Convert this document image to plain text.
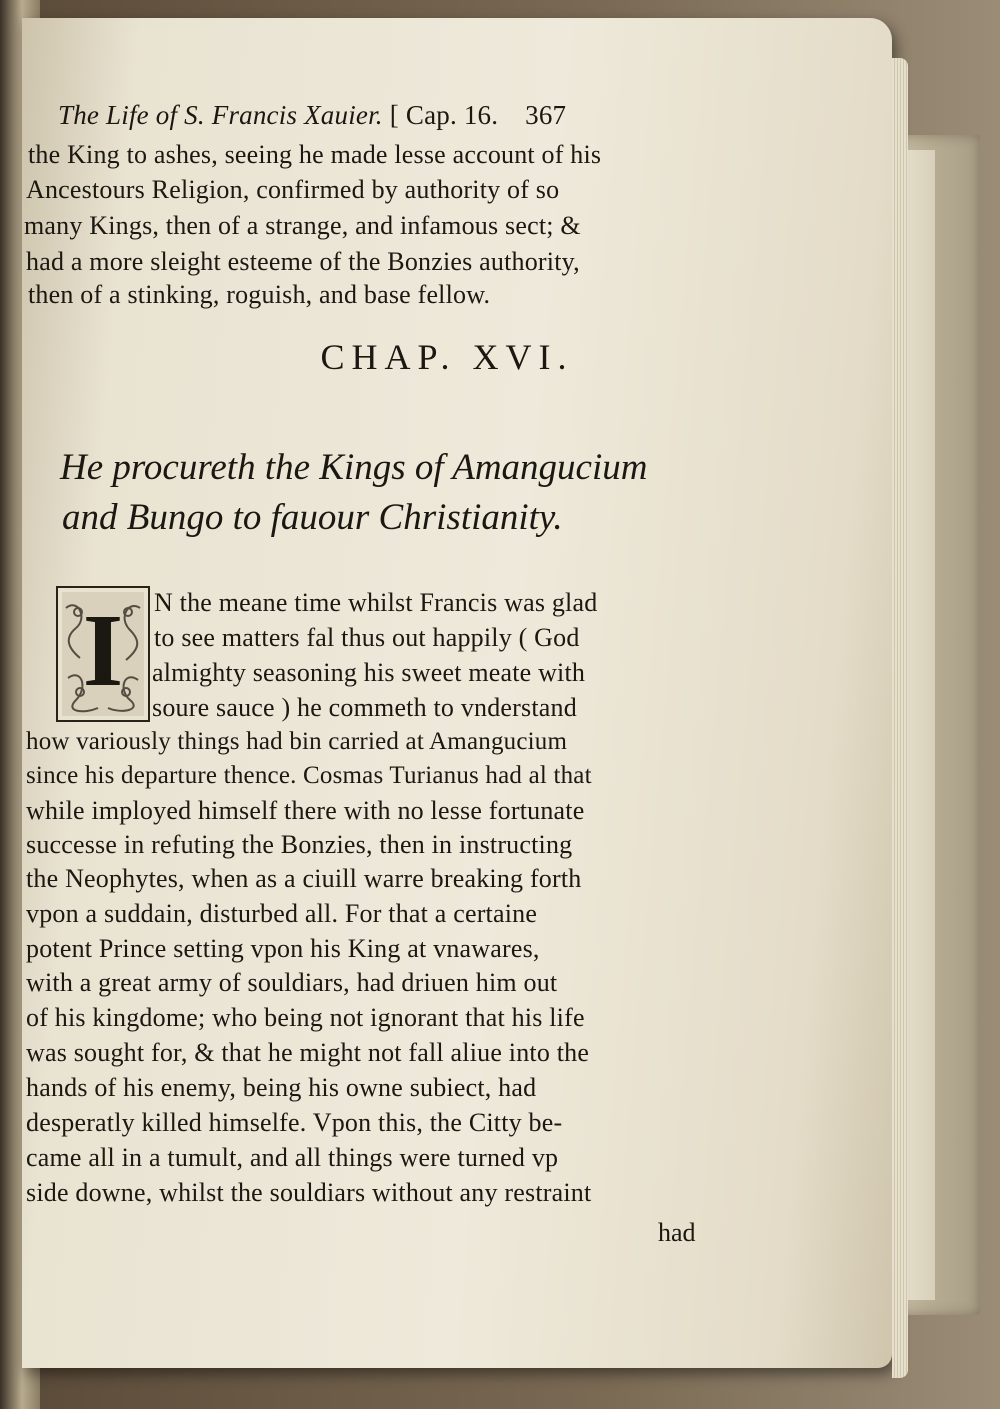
The Life of S. Francis Xauier. [ Cap. 16. 367
the King to ashes, seeing he made lesse account of his
Ancestours Religion, confirmed by authority of so
many Kings, then of a strange, and infamous sect; &
had a more sleight esteeme of the Bonzies authority,
then of a stinking, roguish, and base fellow.
CHAP. XVI.
He procureth the Kings of Amangucium
and Bungo to fauour Christianity.
I	N the meane time whilst Francis was glad
to see matters fal thus out happily ( God
almighty seasoning his sweet meate with
soure sauce ) he commeth to vnderstand
how variously things had bin carried at Amangucium
since his departure thence. Cosmas Turianus had al that
while imployed himself there with no lesse fortunate
successe in refuting the Bonzies, then in instructing
the Neophytes, when as a ciuill warre breaking forth
vpon a suddain, disturbed all. For that a certaine
potent Prince setting vpon his King at vnawares,
with a great army of souldiars, had driuen him out
of his kingdome; who being not ignorant that his life
was sought for, & that he might not fall aliue into the
hands of his enemy, being his owne subiect, had
desperatly killed himselfe. Vpon this, the Citty be-
came all in a tumult, and all things were turned vp
side downe, whilst the souldiars without any restraint
had
